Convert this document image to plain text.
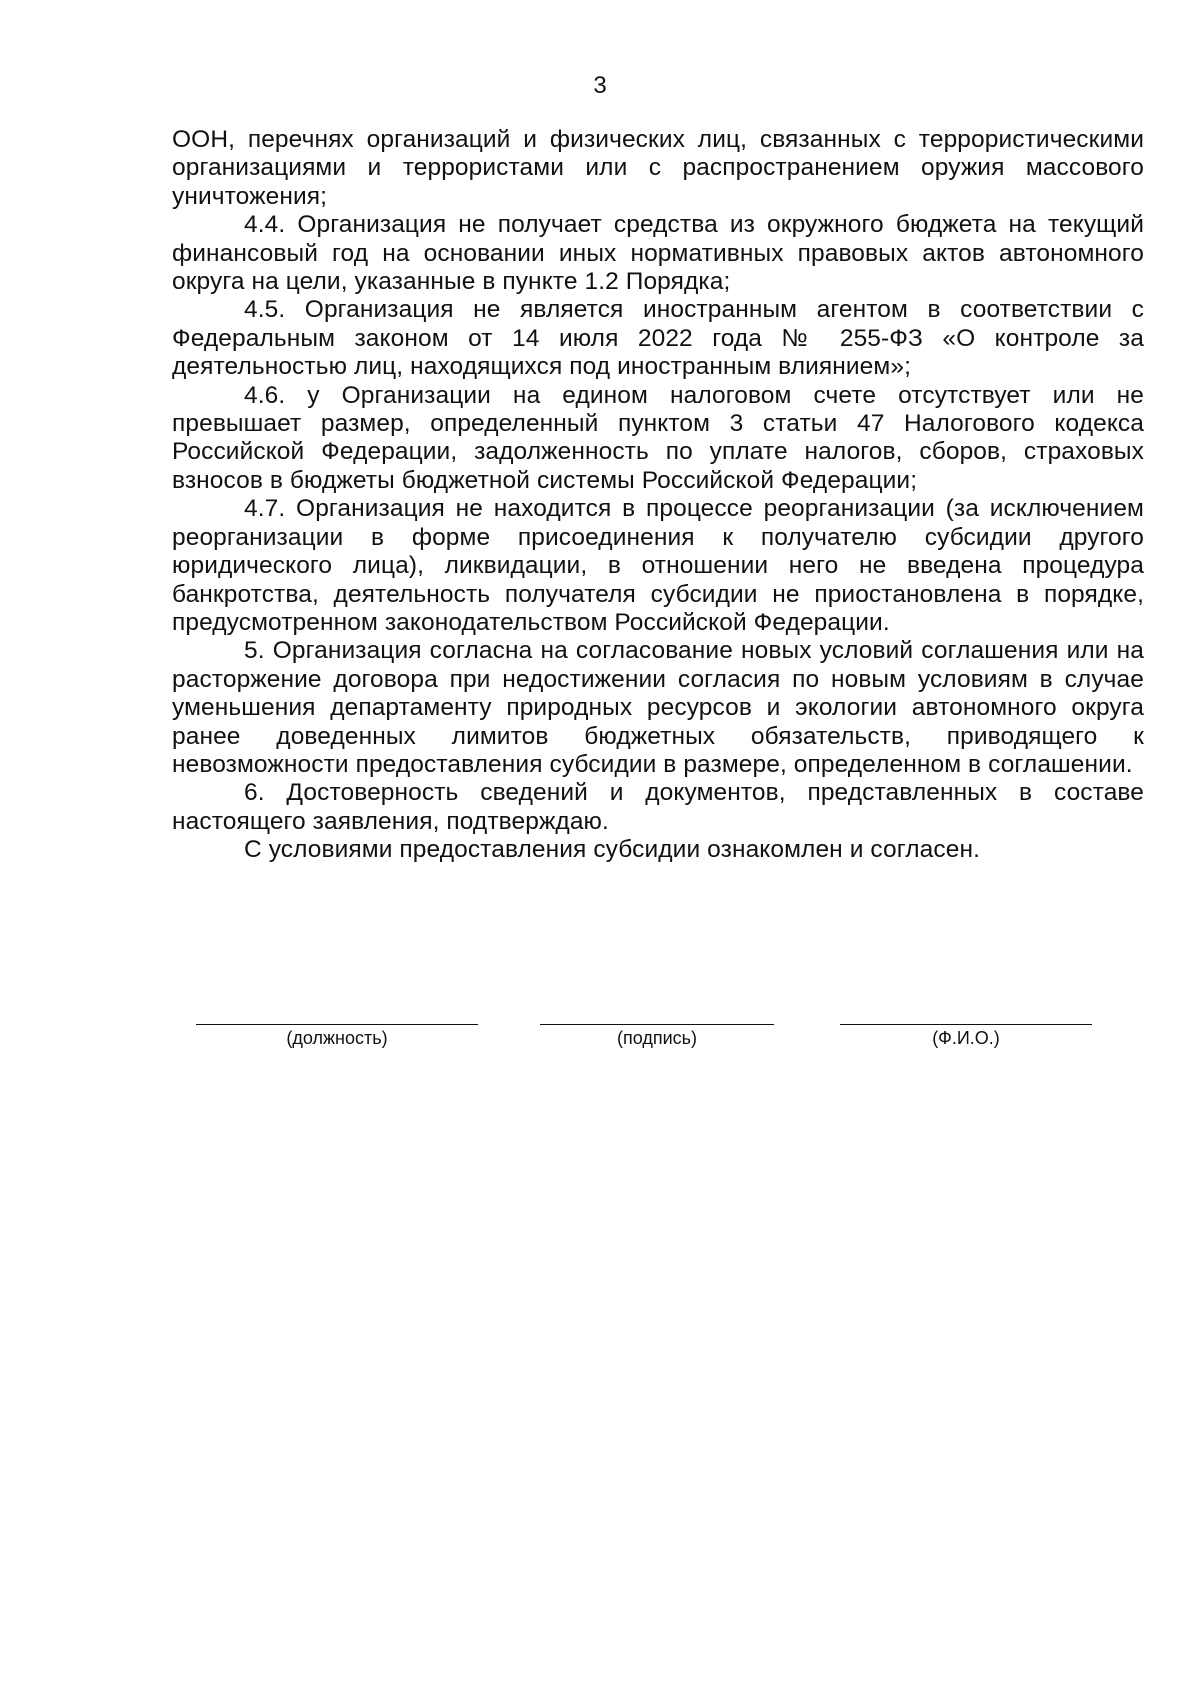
3

ООН, перечнях организаций и физических лиц, связанных с террористическими организациями и террористами или с распространением оружия массового уничтожения;

4.4. Организация не получает средства из окружного бюджета на текущий финансовый год на основании иных нормативных правовых актов автономного округа на цели, указанные в пункте 1.2 Порядка;

4.5. Организация не является иностранным агентом в соответствии с Федеральным законом от 14 июля 2022 года № 255-ФЗ «О контроле за деятельностью лиц, находящихся под иностранным влиянием»;

4.6. у Организации на едином налоговом счете отсутствует или не превышает размер, определенный пунктом 3 статьи 47 Налогового кодекса Российской Федерации, задолженность по уплате налогов, сборов, страховых взносов в бюджеты бюджетной системы Российской Федерации;

4.7. Организация не находится в процессе реорганизации (за исключением реорганизации в форме присоединения к получателю субсидии другого юридического лица), ликвидации, в отношении него не введена процедура банкротства, деятельность получателя субсидии не приостановлена в порядке, предусмотренном законодательством Российской Федерации.

5. Организация согласна на согласование новых условий соглашения или на расторжение договора при недостижении согласия по новым условиям в случае уменьшения департаменту природных ресурсов и экологии автономного округа ранее доведенных лимитов бюджетных обязательств, приводящего к невозможности предоставления субсидии в размере, определенном в соглашении.

6. Достоверность сведений и документов, представленных в составе настоящего заявления, подтверждаю.

С условиями предоставления субсидии ознакомлен и согласен.

(должность)	(подпись)	(Ф.И.О.)
